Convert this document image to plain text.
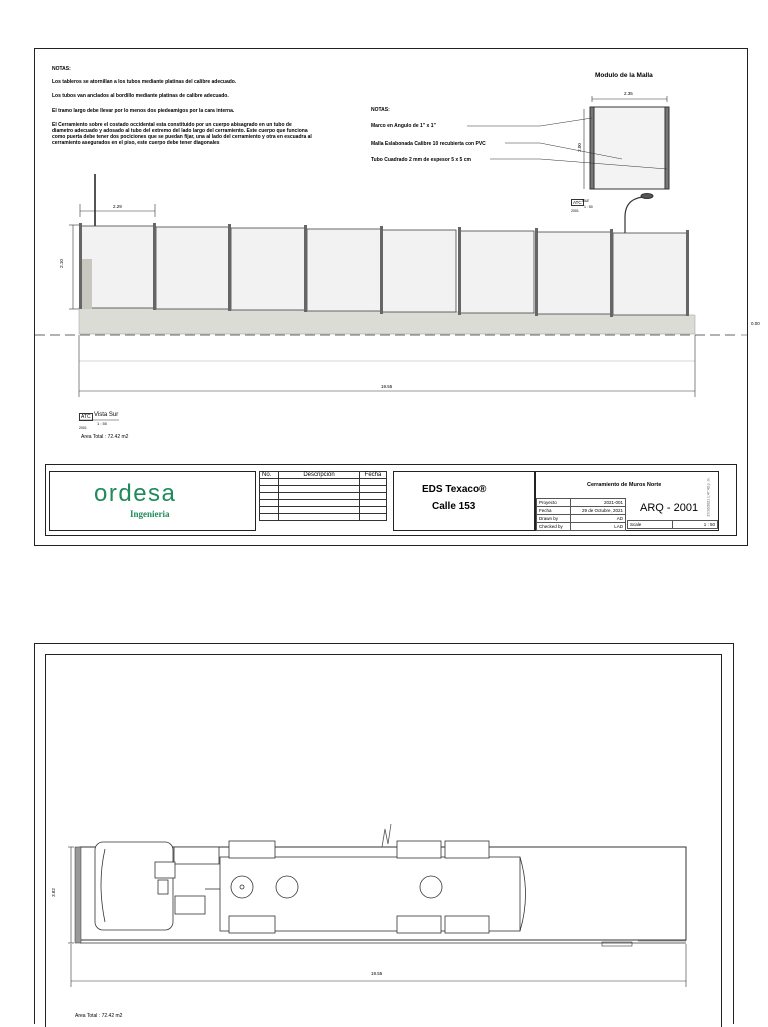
NOTAS:

Los tableros se atornillan a los tubos mediante platinas del calibre adecuado.

Los tubos van anclados al bordillo mediante platinas de calibre adecuado.

El tramo largo debe llevar por lo menos dos piedeamigos por la cara interna.

El Cerramiento sobre el costado occidental esta constituido por un cuerpo abisagrado en un tubo de diametro adecuado y adosado al tubo del extremo del lado largo del cerramiento. Este cuerpo que funciona como puerta debe tener dos pociciones que se puedan fijar, una al lado del cerramiento y otra en escuadra al cerramiento asegurados en el piso, este cuerpo debe tener diagonales

Modulo de la Malla
NOTAS:
Marco en Angulo de 1" x 1"
Malla Eslabonada Calibre 10 recubierta con PVC
Tubo Cuadrado 2 mm de espesor 5 x 5 cm
2.35
2.00
2.29
2.10
19.55
ATC Sur
1 : 50
2001
0.00
ATC Vista Sur
1 : 50
2001
Area Total : 72.42 m2
ordesa
Ingenieria
No.	Descripción	Fecha

EDS Texaco®
Calle 153
Cerramiento de Muros Norte
Proyecto	2021-001
Fecha	29 de Octubre, 2021
Drawn by	AD
Checked by	LAD
ARQ - 2001
Scale	1 : 50
27/10/2021 1:47:43 p. m.
3.82
19.55
Area Total : 72.42 m2
